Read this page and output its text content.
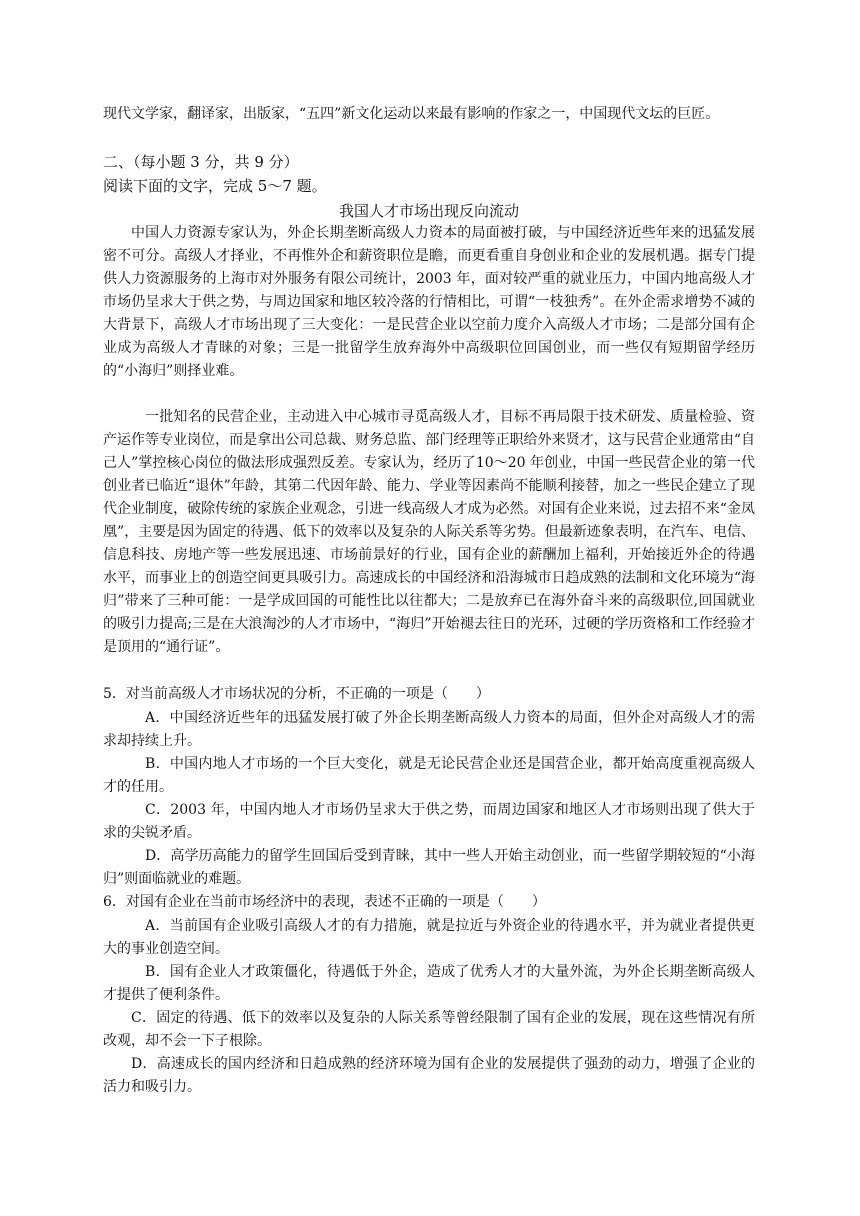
现代文学家，翻译家，出版家，“五四”新文化运动以来最有影响的作家之一，中国现代文坛的巨匠。

二、（每小题 3 分，共 9 分）

阅读下面的文字，完成 5～7 题。

我国人才市场出现反向流动

中国人力资源专家认为，外企长期垄断高级人力资本的局面被打破，与中国经济近些年来的迅猛发展密不可分。高级人才择业，不再惟外企和薪资职位是瞻，而更看重自身创业和企业的发展机遇。据专门提供人力资源服务的上海市对外服务有限公司统计，2003 年，面对较严重的就业压力，中国内地高级人才市场仍呈求大于供之势，与周边国家和地区较冷落的行情相比，可谓“一枝独秀”。在外企需求增势不减的大背景下，高级人才市场出现了三大变化：一是民营企业以空前力度介入高级人才市场；二是部分国有企业成为高级人才青睐的对象；三是一批留学生放弃海外中高级职位回国创业，而一些仅有短期留学经历的“小海归”则择业难。

一批知名的民营企业，主动进入中心城市寻觅高级人才，目标不再局限于技术研发、质量检验、资产运作等专业岗位，而是拿出公司总裁、财务总监、部门经理等正职给外来贤才，这与民营企业通常由“自己人”掌控核心岗位的做法形成强烈反差。专家认为，经历了10～20 年创业，中国一些民营企业的第一代创业者已临近“退休”年龄，其第二代因年龄、能力、学业等因素尚不能顺利接替，加之一些民企建立了现代企业制度，破除传统的家族企业观念，引进一线高级人才成为必然。对国有企业来说，过去招不来“金凤凰”，主要是因为固定的待遇、低下的效率以及复杂的人际关系等劣势。但最新迹象表明，在汽车、电信、信息科技、房地产等一些发展迅速、市场前景好的行业，国有企业的薪酬加上福利，开始接近外企的待遇水平，而事业上的创造空间更具吸引力。高速成长的中国经济和沿海城市日趋成熟的法制和文化环境为“海归”带来了三种可能：一是学成回国的可能性比以往都大；二是放弃已在海外奋斗来的高级职位,回国就业的吸引力提高;三是在大浪淘沙的人才市场中，“海归”开始褪去往日的光环，过硬的学历资格和工作经验才是顶用的“通行证”。

5．对当前高级人才市场状况的分析，不正确的一项是（　　）

A．中国经济近些年的迅猛发展打破了外企长期垄断高级人力资本的局面，但外企对高级人才的需求却持续上升。

B．中国内地人才市场的一个巨大变化，就是无论民营企业还是国营企业，都开始高度重视高级人才的任用。

C．2003 年，中国内地人才市场仍呈求大于供之势，而周边国家和地区人才市场则出现了供大于求的尖锐矛盾。

D．高学历高能力的留学生回国后受到青睐，其中一些人开始主动创业，而一些留学期较短的“小海归”则面临就业的难题。

6．对国有企业在当前市场经济中的表现，表述不正确的一项是（　　）

A．当前国有企业吸引高级人才的有力措施，就是拉近与外资企业的待遇水平，并为就业者提供更大的事业创造空间。

B．国有企业人才政策僵化，待遇低于外企，造成了优秀人才的大量外流，为外企长期垄断高级人才提供了便利条件。

C．固定的待遇、低下的效率以及复杂的人际关系等曾经限制了国有企业的发展，现在这些情况有所改观，却不会一下子根除。

D．高速成长的国内经济和日趋成熟的经济环境为国有企业的发展提供了强劲的动力，增强了企业的活力和吸引力。
